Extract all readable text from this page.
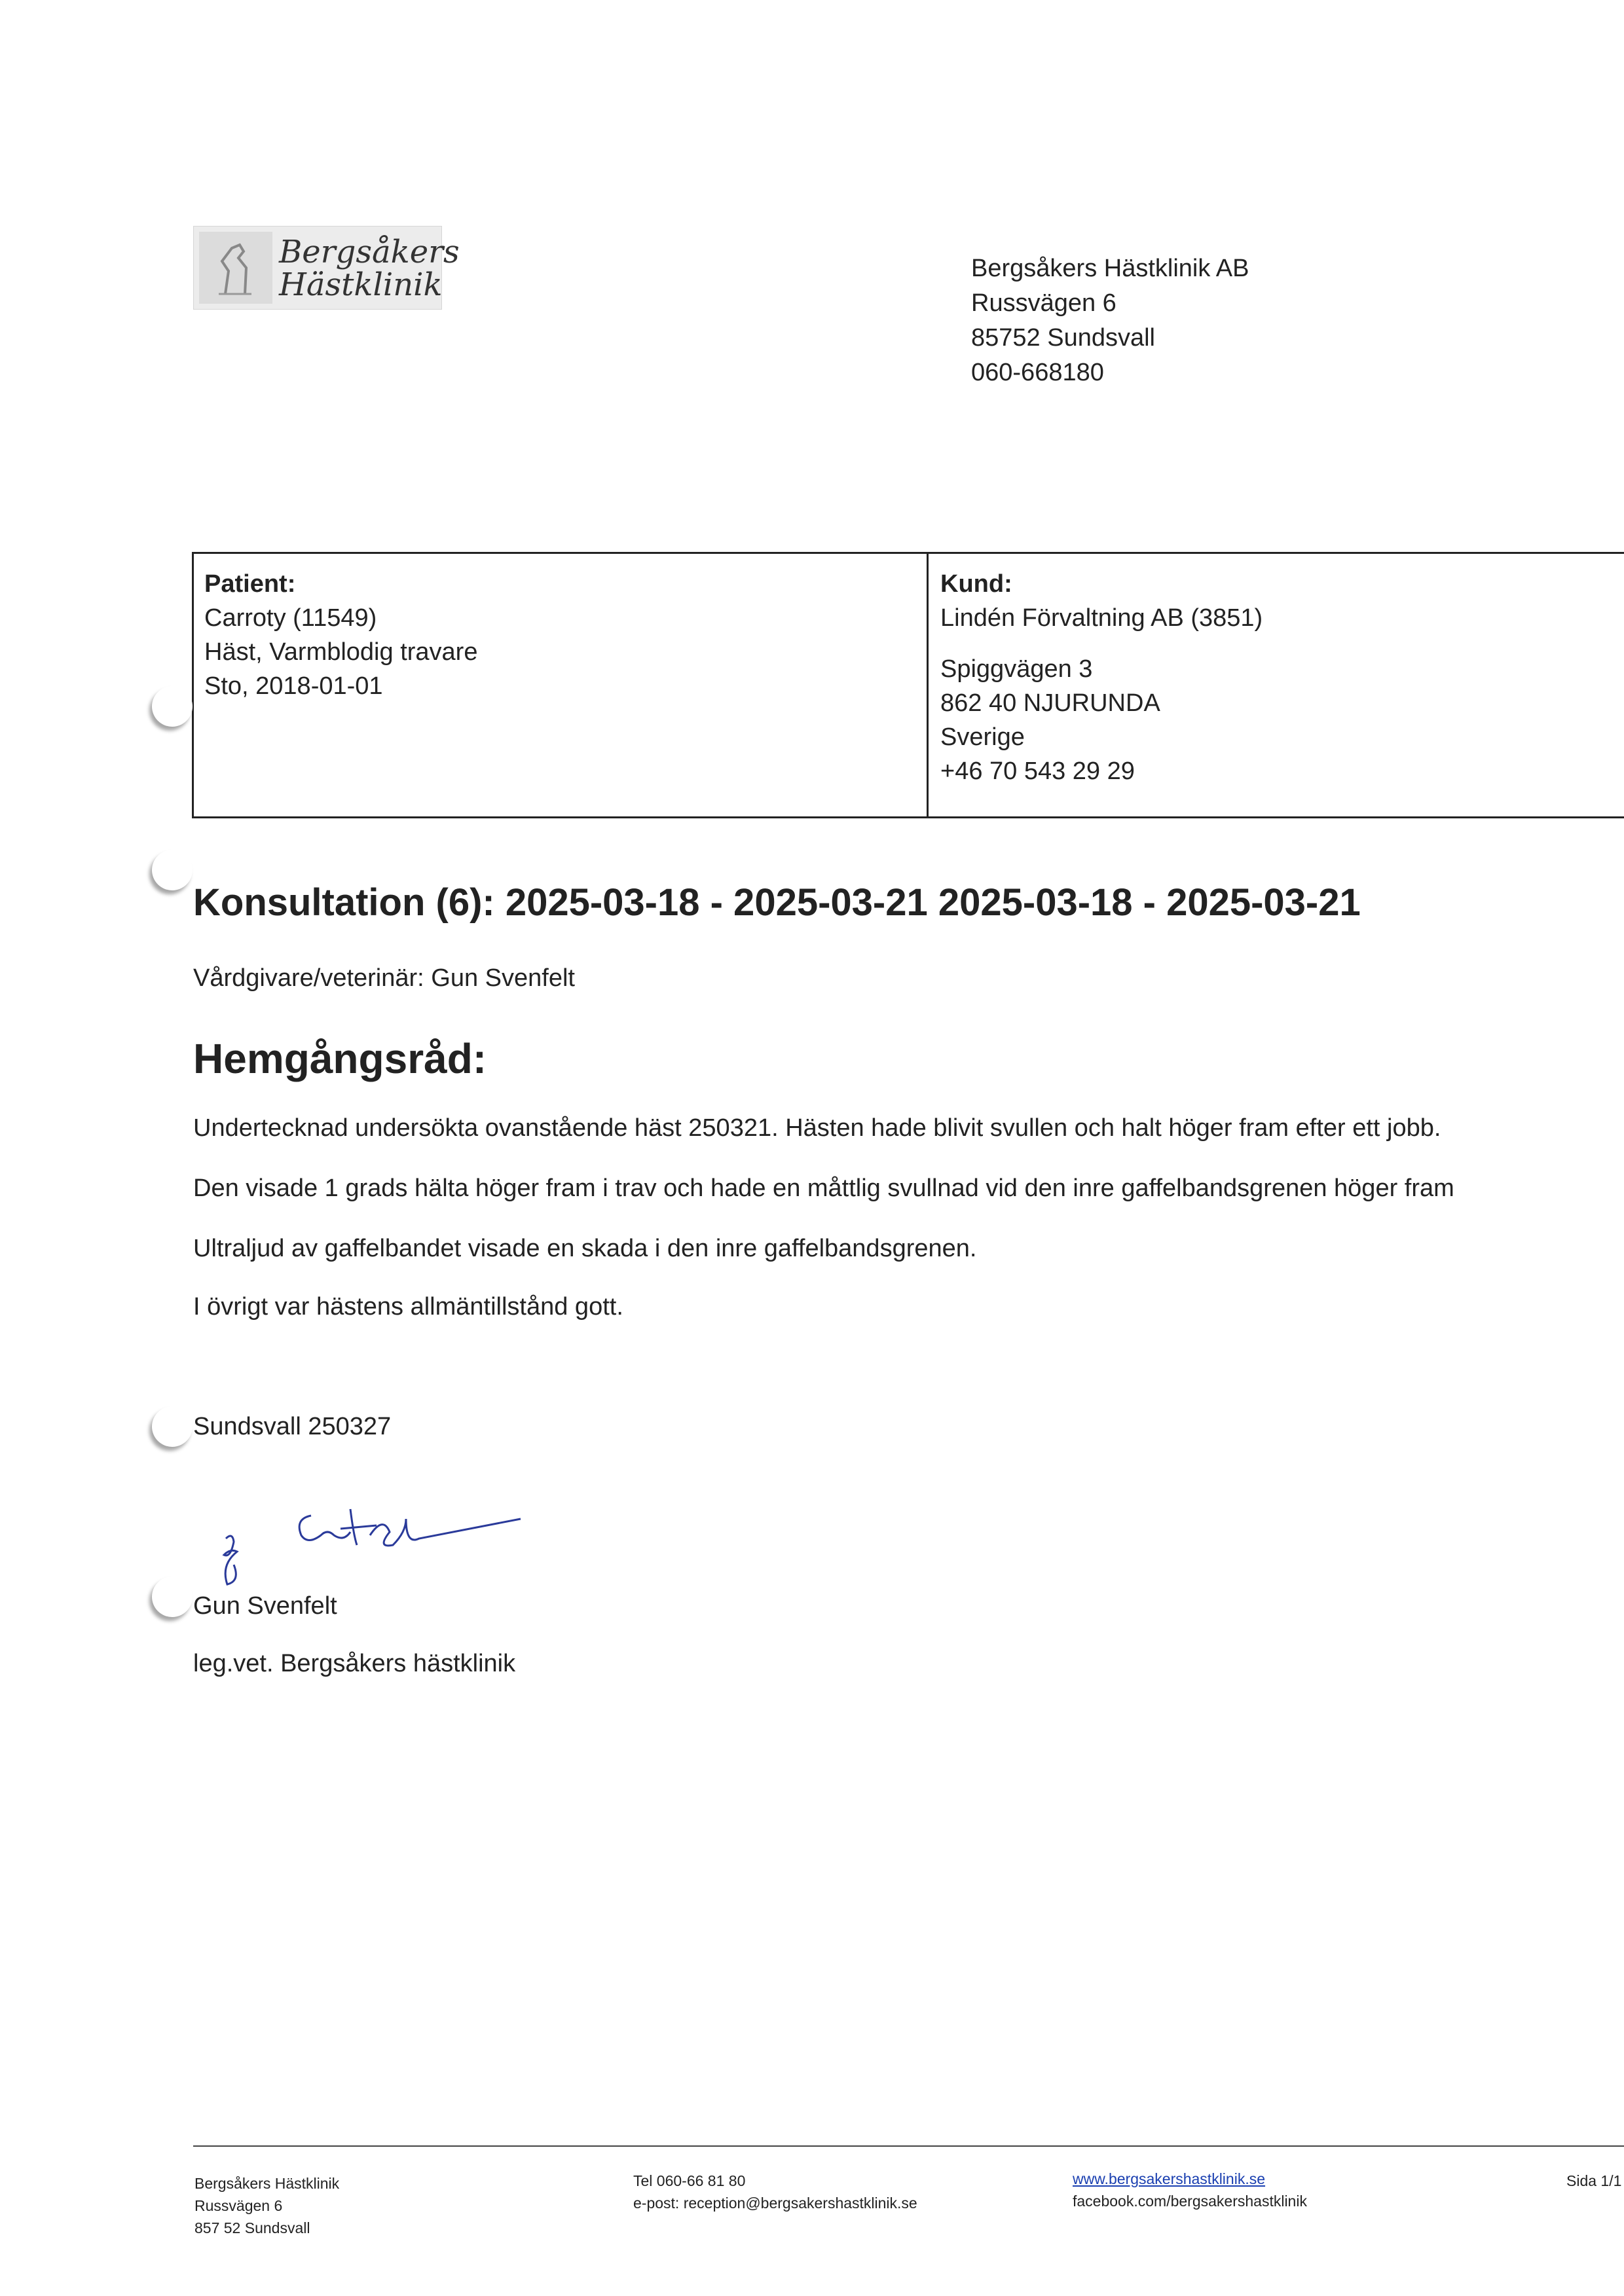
Bergsåkers
Hästklinik	Bergsåkers Hästklinik AB
Russvägen 6
85752 Sundsvall
060-668180
Patient:
Carroty (11549)
Häst, Varmblodig travare
Sto, 2018-01-01
Kund:
Lindén Förvaltning AB (3851)
Spiggvägen 3
862 40 NJURUNDA
Sverige
+46 70 543 29 29
Konsultation (6): 2025-03-18 - 2025-03-21 2025-03-18 - 2025-03-21
Vårdgivare/veterinär: Gun Svenfelt
Hemgångsråd:
Undertecknad undersökta ovanstående häst 250321. Hästen hade blivit svullen och halt höger fram efter ett jobb.
Den visade 1 grads hälta höger fram i trav och hade en måttlig svullnad vid den inre gaffelbandsgrenen höger fram
Ultraljud av gaffelbandet visade en skada i den inre gaffelbandsgrenen.
I övrigt var hästens allmäntillstånd gott.
Sundsvall 250327
Gun Svenfelt
leg.vet. Bergsåkers hästklinik
Bergsåkers Hästklinik
Russvägen 6
857 52 Sundsvall
Tel 060-66 81 80
e-post: reception@bergsakershastklinik.se
www.bergsakershastklinik.se
facebook.com/bergsakershastklinik
Sida 1/1
